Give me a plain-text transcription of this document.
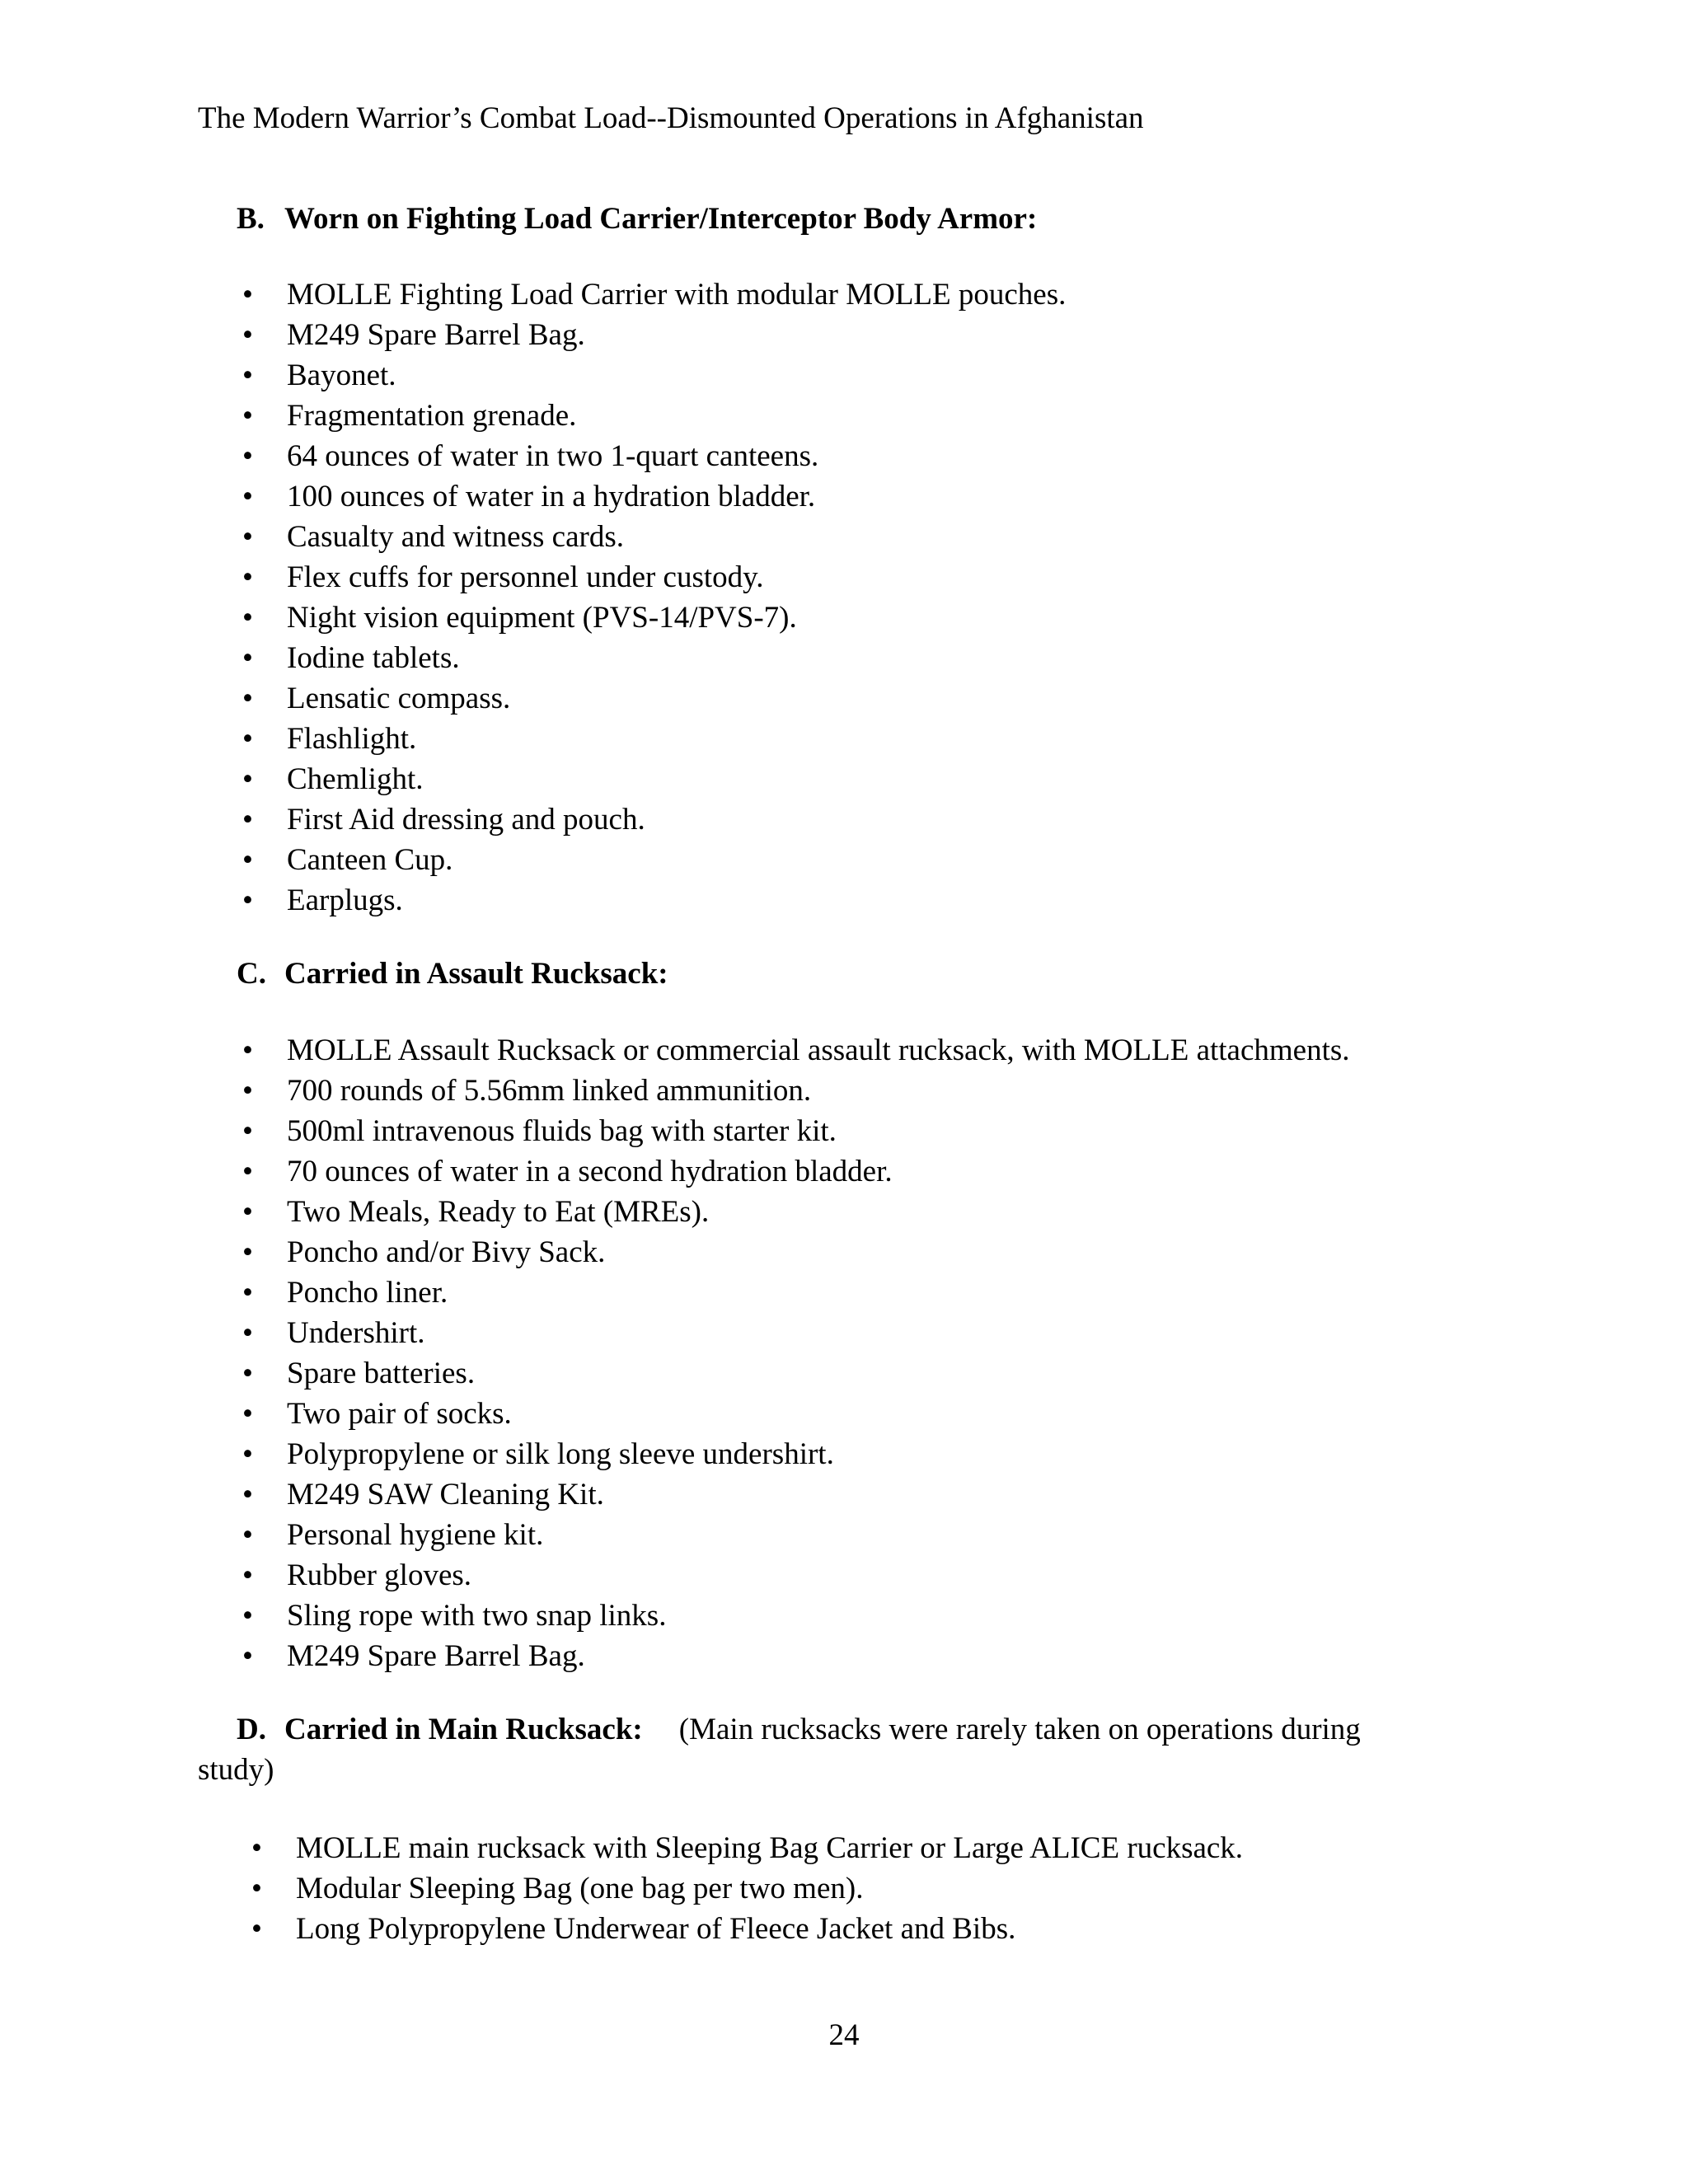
The Modern Warrior’s Combat Load--Dismounted Operations in Afghanistan
B. Worn on Fighting Load Carrier/Interceptor Body Armor:
• MOLLE Fighting Load Carrier with modular MOLLE pouches.
• M249 Spare Barrel Bag.
• Bayonet.
• Fragmentation grenade.
• 64 ounces of water in two 1-quart canteens.
• 100 ounces of water in a hydration bladder.
• Casualty and witness cards.
• Flex cuffs for personnel under custody.
• Night vision equipment (PVS-14/PVS-7).
• Iodine tablets.
• Lensatic compass.
• Flashlight.
• Chemlight.
• First Aid dressing and pouch.
• Canteen Cup.
• Earplugs.
C. Carried in Assault Rucksack:
• MOLLE Assault Rucksack or commercial assault rucksack, with MOLLE attachments.
• 700 rounds of 5.56mm linked ammunition.
• 500ml intravenous fluids bag with starter kit.
• 70 ounces of water in a second hydration bladder.
• Two Meals, Ready to Eat (MREs).
• Poncho and/or Bivy Sack.
• Poncho liner.
• Undershirt.
• Spare batteries.
• Two pair of socks.
• Polypropylene or silk long sleeve undershirt.
• M249 SAW Cleaning Kit.
• Personal hygiene kit.
• Rubber gloves.
• Sling rope with two snap links.
• M249 Spare Barrel Bag.
D. Carried in Main Rucksack: (Main rucksacks were rarely taken on operations during
study)
• MOLLE main rucksack with Sleeping Bag Carrier or Large ALICE rucksack.
• Modular Sleeping Bag (one bag per two men).
• Long Polypropylene Underwear of Fleece Jacket and Bibs.
24
